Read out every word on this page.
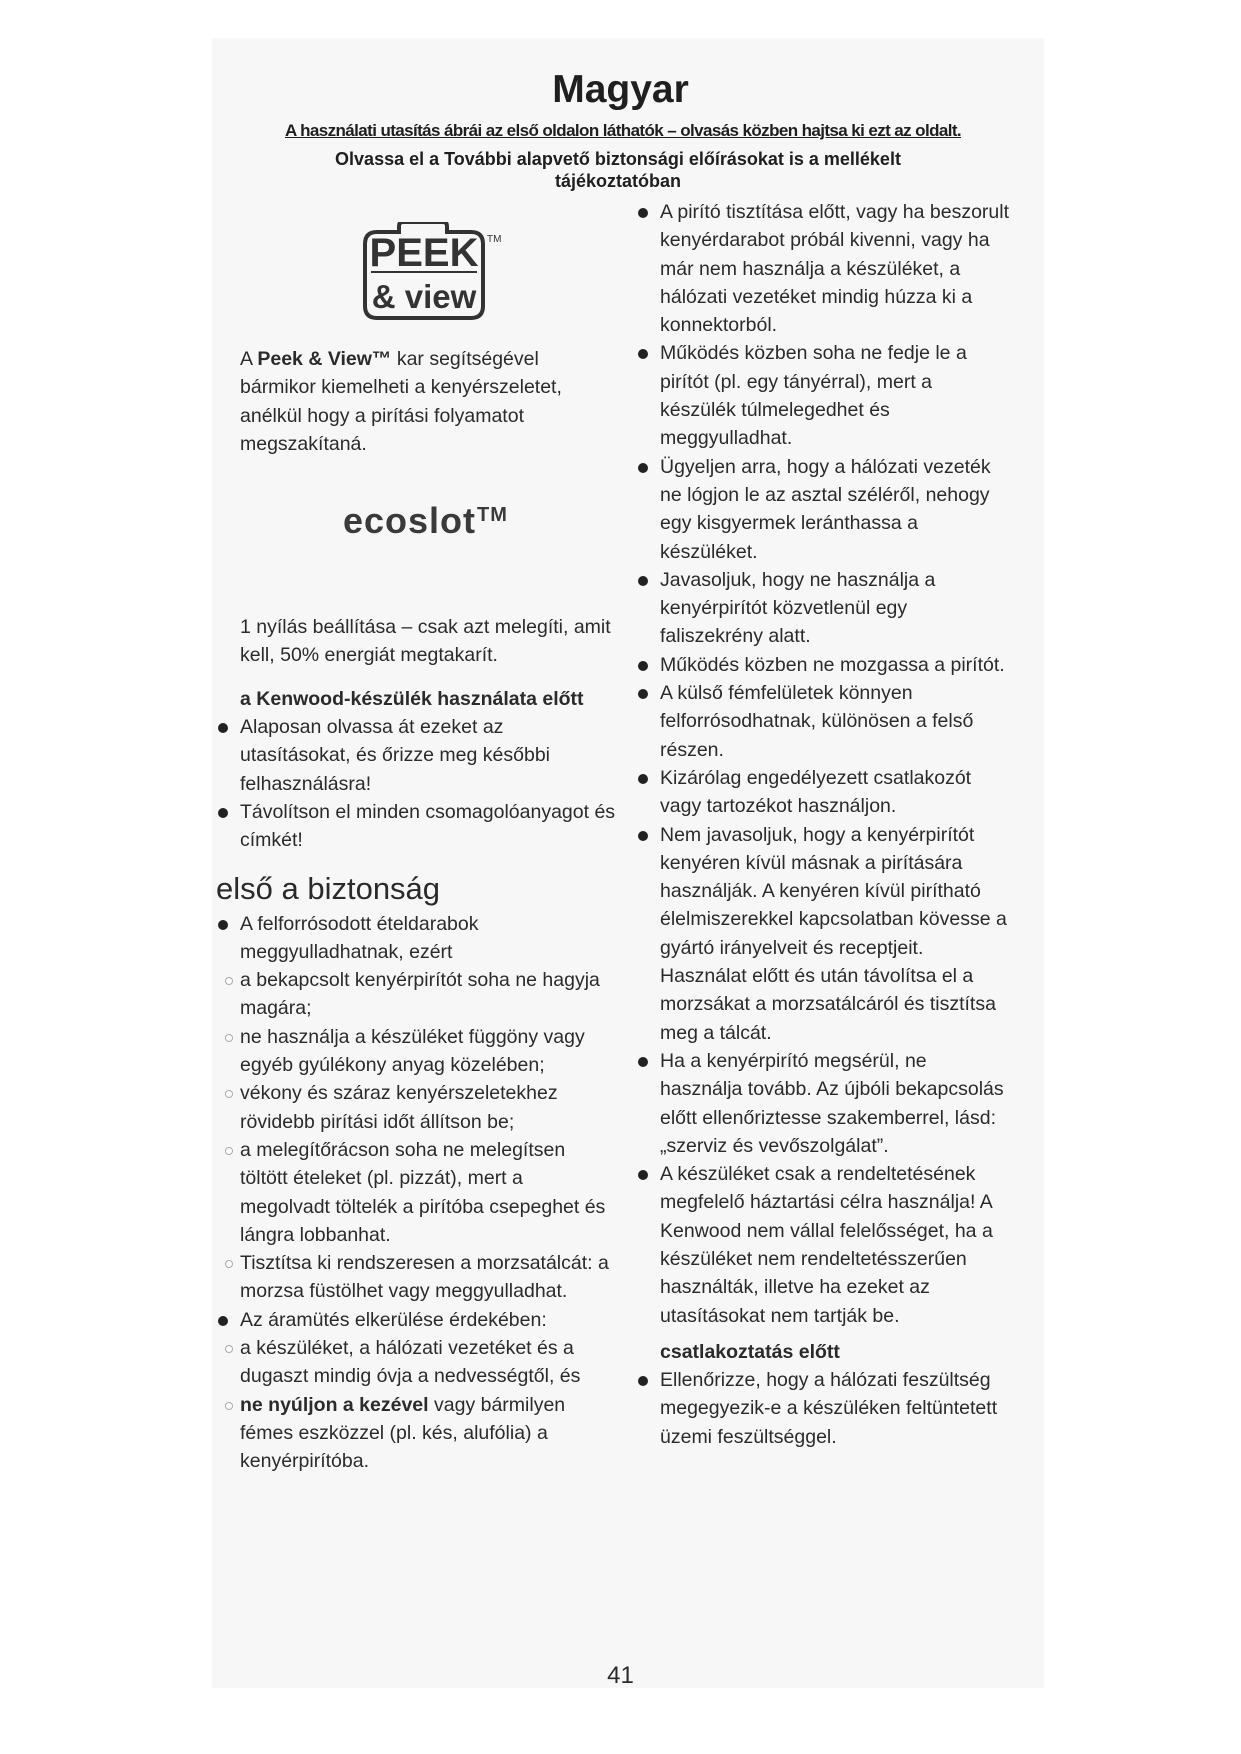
Magyar
A használati utasítás ábrái az első oldalon láthatók – olvasás közben hajtsa ki ezt az oldalt.
Olvassa el a További alapvető biztonsági előírásokat is a mellékelt tájékoztatóban
PEEK TM
& view
ecoslot™

A Peek & View™ kar segítségével bármikor kiemelheti a kenyérszeletet, anélkül hogy a pirítási folyamatot megszakítaná.

1 nyílás beállítása – csak azt melegíti, amit kell, 50% energiát megtakarít.

a Kenwood-készülék használata előtt

Alaposan olvassa át ezeket az utasításokat, és őrizze meg későbbi felhasználásra!
Távolítson el minden csomagolóanyagot és címkét!
első a biztonság
A felforrósodott ételdarabok meggyulladhatnak, ezért
a bekapcsolt kenyérpirítót soha ne hagyja magára;
ne használja a készüléket függöny vagy egyéb gyúlékony anyag közelében;
vékony és száraz kenyérszeletekhez rövidebb pirítási időt állítson be;
a melegítőrácson soha ne melegítsen töltött ételeket (pl. pizzát), mert a megolvadt töltelék a pirítóba csepeghet és lángra lobbanhat.
Tisztítsa ki rendszeresen a morzsatálcát: a morzsa füstölhet vagy meggyulladhat.
Az áramütés elkerülése érdekében:
a készüléket, a hálózati vezetéket és a dugaszt mindig óvja a nedvességtől, és
ne nyúljon a kezével vagy bármilyen fémes eszközzel (pl. kés, alufólia) a kenyérpirítóba.
A pirító tisztítása előtt, vagy ha beszorult kenyérdarabot próbál kivenni, vagy ha már nem használja a készüléket, a hálózati vezetéket mindig húzza ki a konnektorból.
Működés közben soha ne fedje le a pirítót (pl. egy tányérral), mert a készülék túlmelegedhet és meggyulladhat.
Ügyeljen arra, hogy a hálózati vezeték ne lógjon le az asztal széléről, nehogy egy kisgyermek leránthassa a készüléket.
Javasoljuk, hogy ne használja a kenyérpirítót közvetlenül egy faliszekrény alatt.
Működés közben ne mozgassa a pirítót.
A külső fémfelületek könnyen felforrósodhatnak, különösen a felső részen.
Kizárólag engedélyezett csatlakozót vagy tartozékot használjon.
Nem javasoljuk, hogy a kenyérpirítót kenyéren kívül másnak a pirítására használják. A kenyéren kívül pirítható élelmiszerekkel kapcsolatban kövesse a gyártó irányelveit és receptjeit. Használat előtt és után távolítsa el a morzsákat a morzsatálcáról és tisztítsa meg a tálcát.
Ha a kenyérpirító megsérül, ne használja tovább. Az újbóli bekapcsolás előtt ellenőriztesse szakemberrel, lásd: „szerviz és vevőszolgálat”.
A készüléket csak a rendeltetésének megfelelő háztartási célra használja! A Kenwood nem vállal felelősséget, ha a készüléket nem rendeltetésszerűen használták, illetve ha ezeket az utasításokat nem tartják be.

csatlakoztatás előtt

Ellenőrizze, hogy a hálózati feszültség megegyezik-e a készüléken feltüntetett üzemi feszültséggel.
41
